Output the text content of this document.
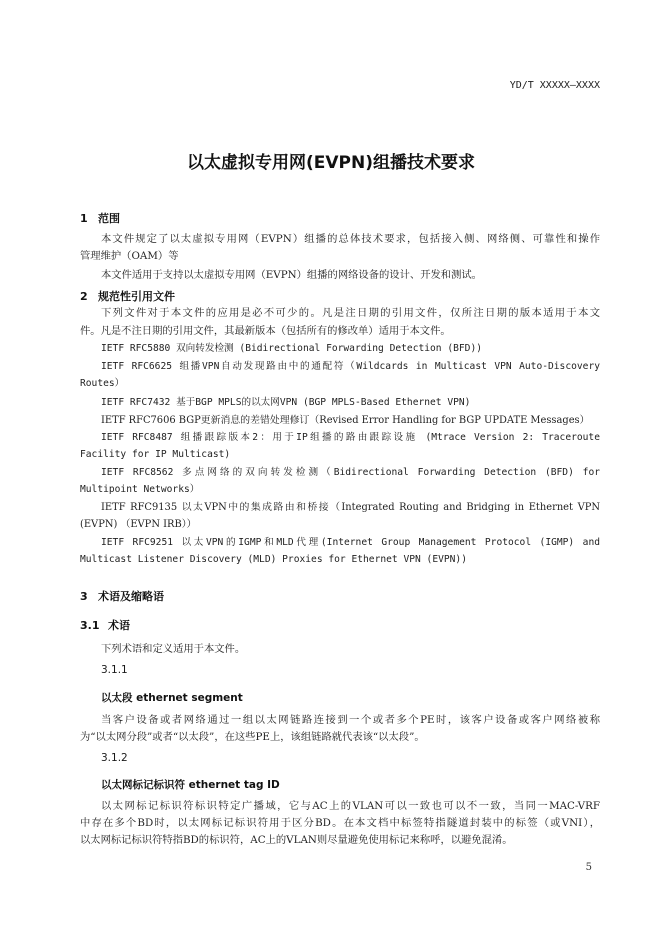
YD/T XXXXX—XXXX
以太虚拟专用网(EVPN)组播技术要求
1 范围
本文件规定了以太虚拟专用网（EVPN）组播的总体技术要求，包括接入侧、网络侧、可靠性和操作
管理维护（OAM）等
本文件适用于支持以太虚拟专用网（EVPN）组播的网络设备的设计、开发和测试。
2 规范性引用文件
下列文件对于本文件的应用是必不可少的。凡是注日期的引用文件，仅所注日期的版本适用于本文
件。凡是不注日期的引用文件，其最新版本（包括所有的修改单）适用于本文件。
IETF RFC5880 双向转发检测 (Bidirectional Forwarding Detection (BFD))
IETF RFC6625 组播VPN自动发现路由中的通配符（Wildcards in Multicast VPN Auto-Discovery
Routes）
IETF RFC7432 基于BGP MPLS的以太网VPN (BGP MPLS-Based Ethernet VPN)
IETF RFC7606 BGP更新消息的差错处理修订（Revised Error Handling for BGP UPDATE Messages）
IETF RFC8487 组播跟踪版本2：用于IP组播的路由跟踪设施 (Mtrace Version 2: Traceroute
Facility for IP Multicast)
IETF RFC8562 多点网络的双向转发检测（Bidirectional Forwarding Detection (BFD) for
Multipoint Networks）
IETF RFC9135 以太VPN中的集成路由和桥接（Integrated Routing and Bridging in Ethernet VPN
(EVPN) （EVPN IRB））
IETF RFC9251 以太VPN的IGMP和MLD代理(Internet Group Management Protocol (IGMP) and
Multicast Listener Discovery (MLD) Proxies for Ethernet VPN (EVPN))
3 术语及缩略语
3.1 术语
下列术语和定义适用于本文件。
3.1.1
以太段 ethernet segment
当客户设备或者网络通过一组以太网链路连接到一个或者多个PE时，该客户设备或客户网络被称
为“以太网分段”或者“以太段”，在这些PE上，该组链路就代表该“以太段”。
3.1.2
以太网标记标识符 ethernet tag ID
以太网标记标识符标识特定广播域，它与AC上的VLAN可以一致也可以不一致，当同一MAC-VRF
中存在多个BD时，以太网标记标识符用于区分BD。在本文档中标签特指隧道封装中的标签（或VNI），
以太网标记标识符特指BD的标识符，AC上的VLAN则尽量避免使用标记来称呼，以避免混淆。
5
